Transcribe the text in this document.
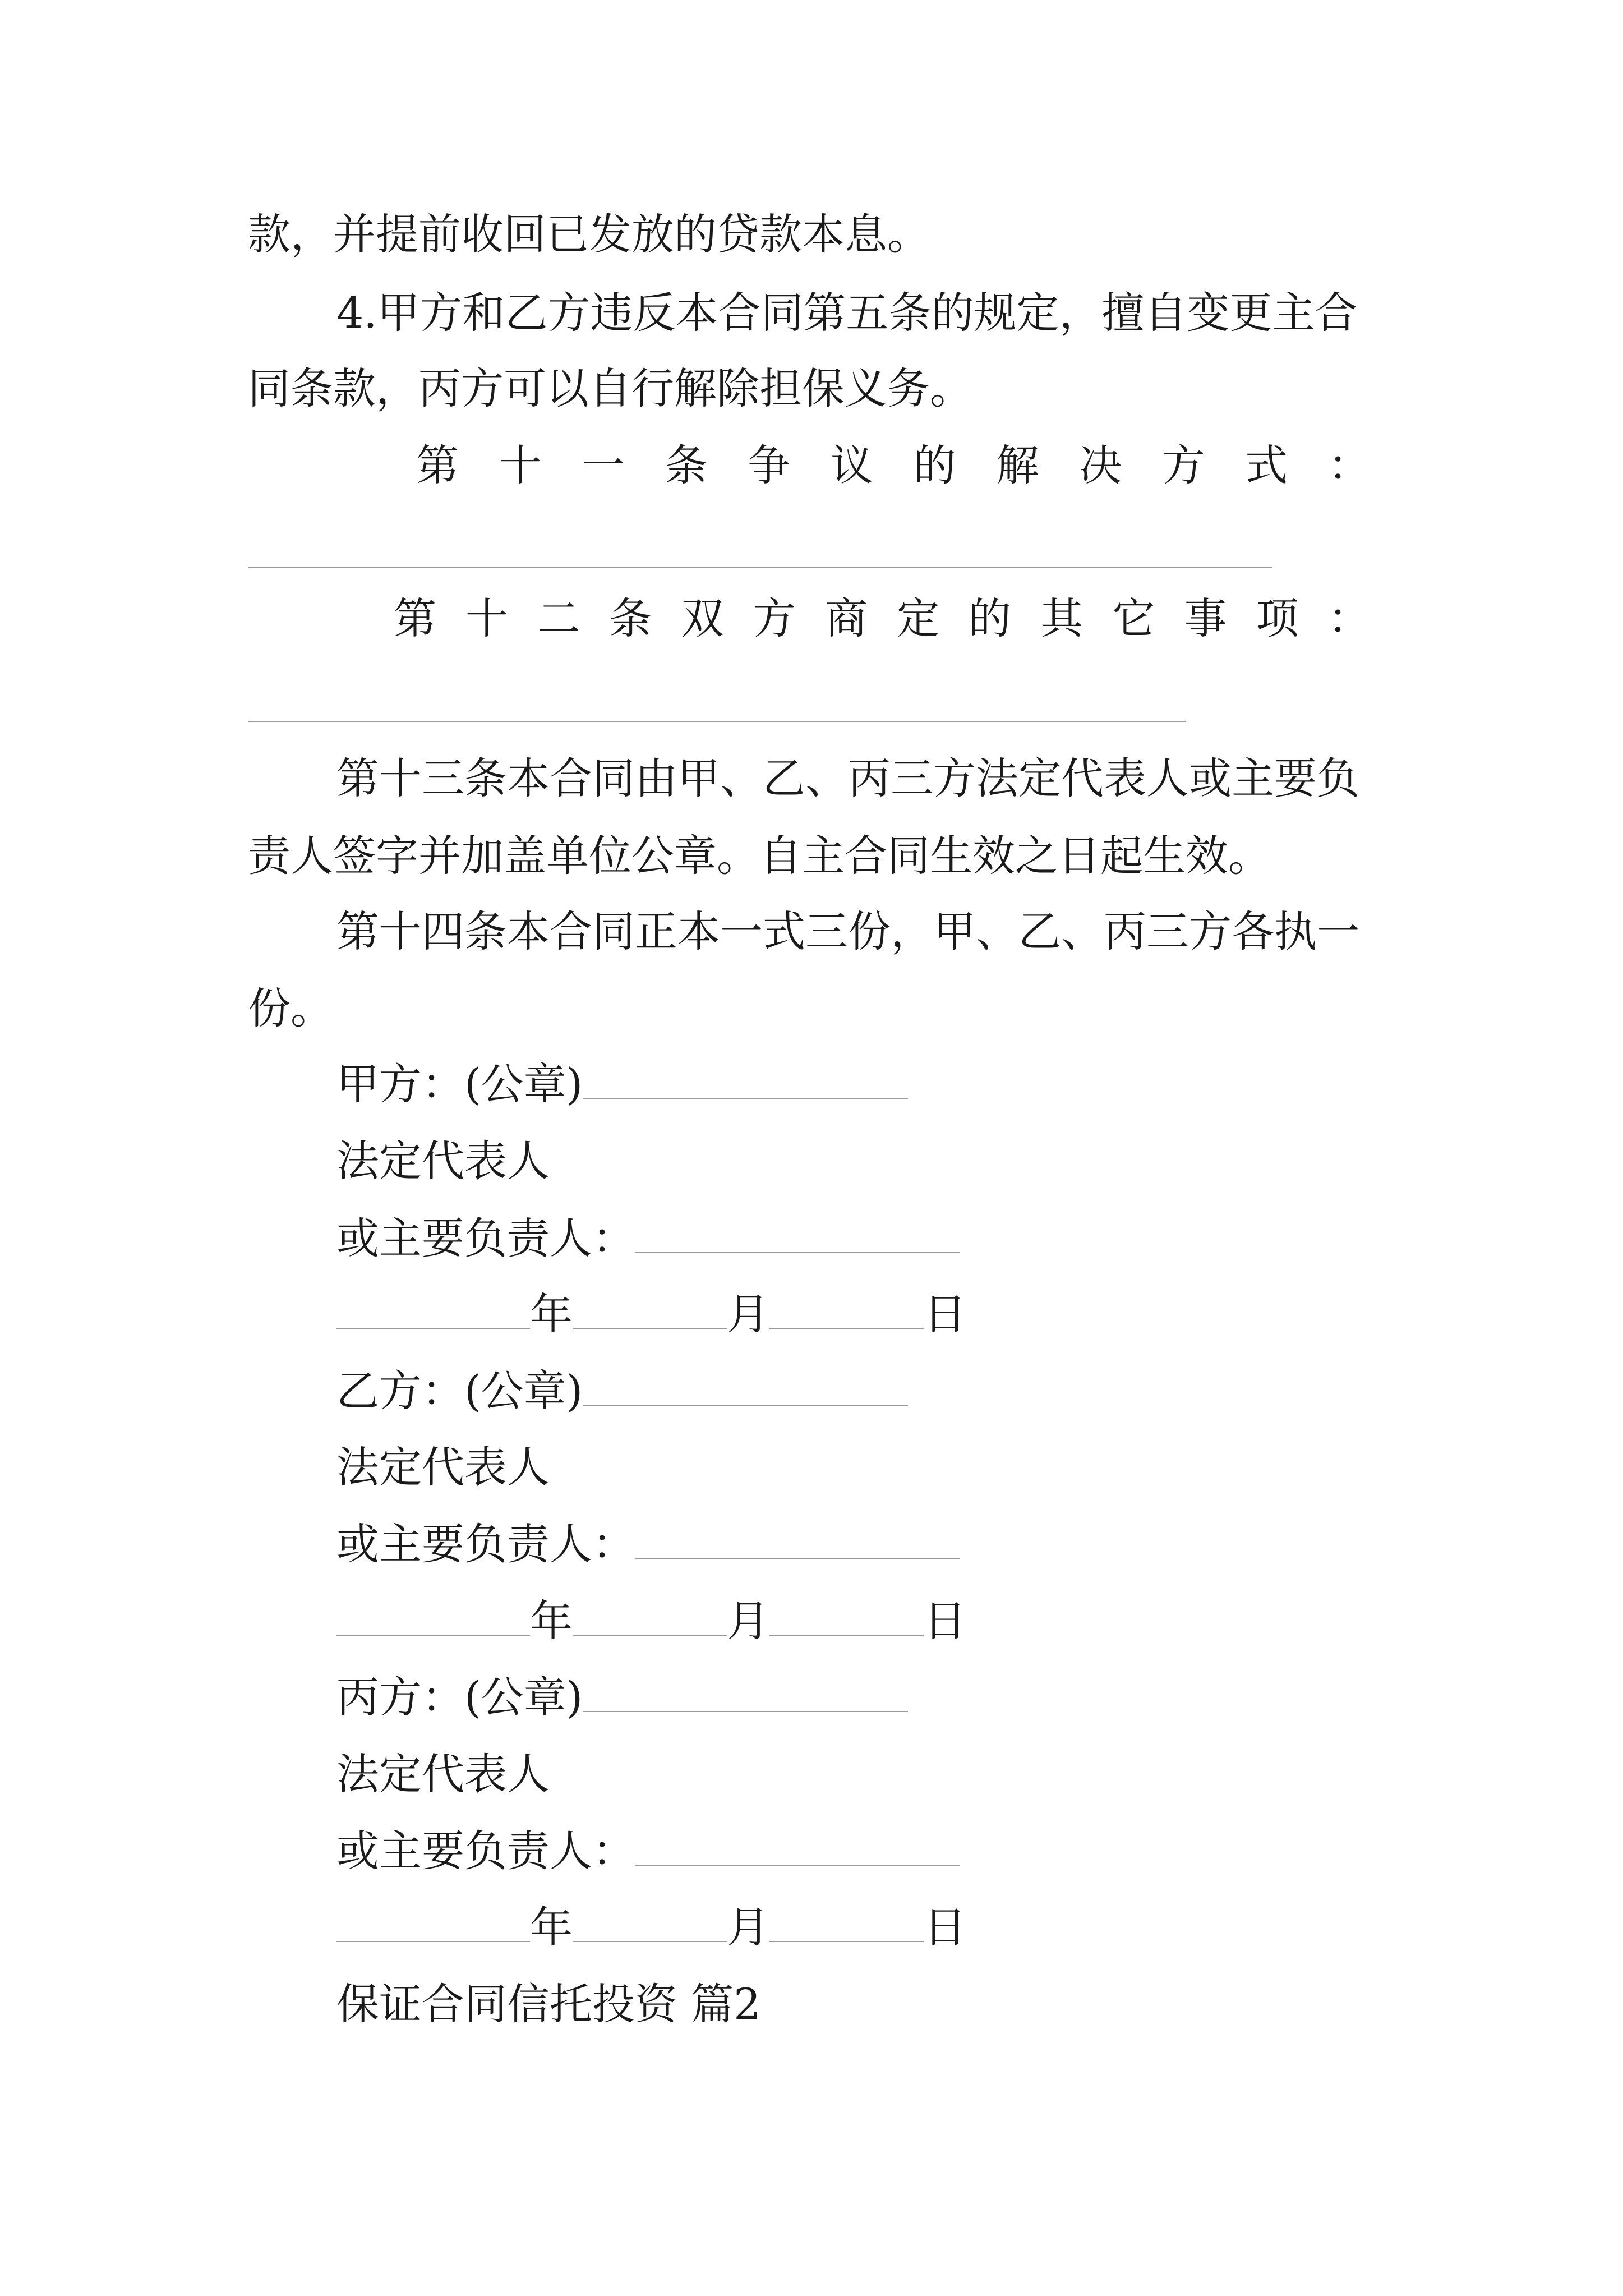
款，并提前收回已发放的贷款本息。
4.甲方和乙方违反本合同第五条的规定，擅自变更主合
同条款，丙方可以自行解除担保义务。
第 十 一 条 争 议 的 解 决 方 式 ：
第 十 二 条 双 方 商 定 的 其 它 事 项 ：
第十三条本合同由甲、乙、丙三方法定代表人或主要负
责人签字并加盖单位公章。自主合同生效之日起生效。
第十四条本合同正本一式三份，甲、乙、丙三方各执一
份。
甲方：(公章)
法定代表人
或主要负责人：
年	月	日
乙方：(公章)
法定代表人
或主要负责人：
年	月	日
丙方：(公章)
法定代表人
或主要负责人：
年	月	日
保证合同信托投资 篇2
